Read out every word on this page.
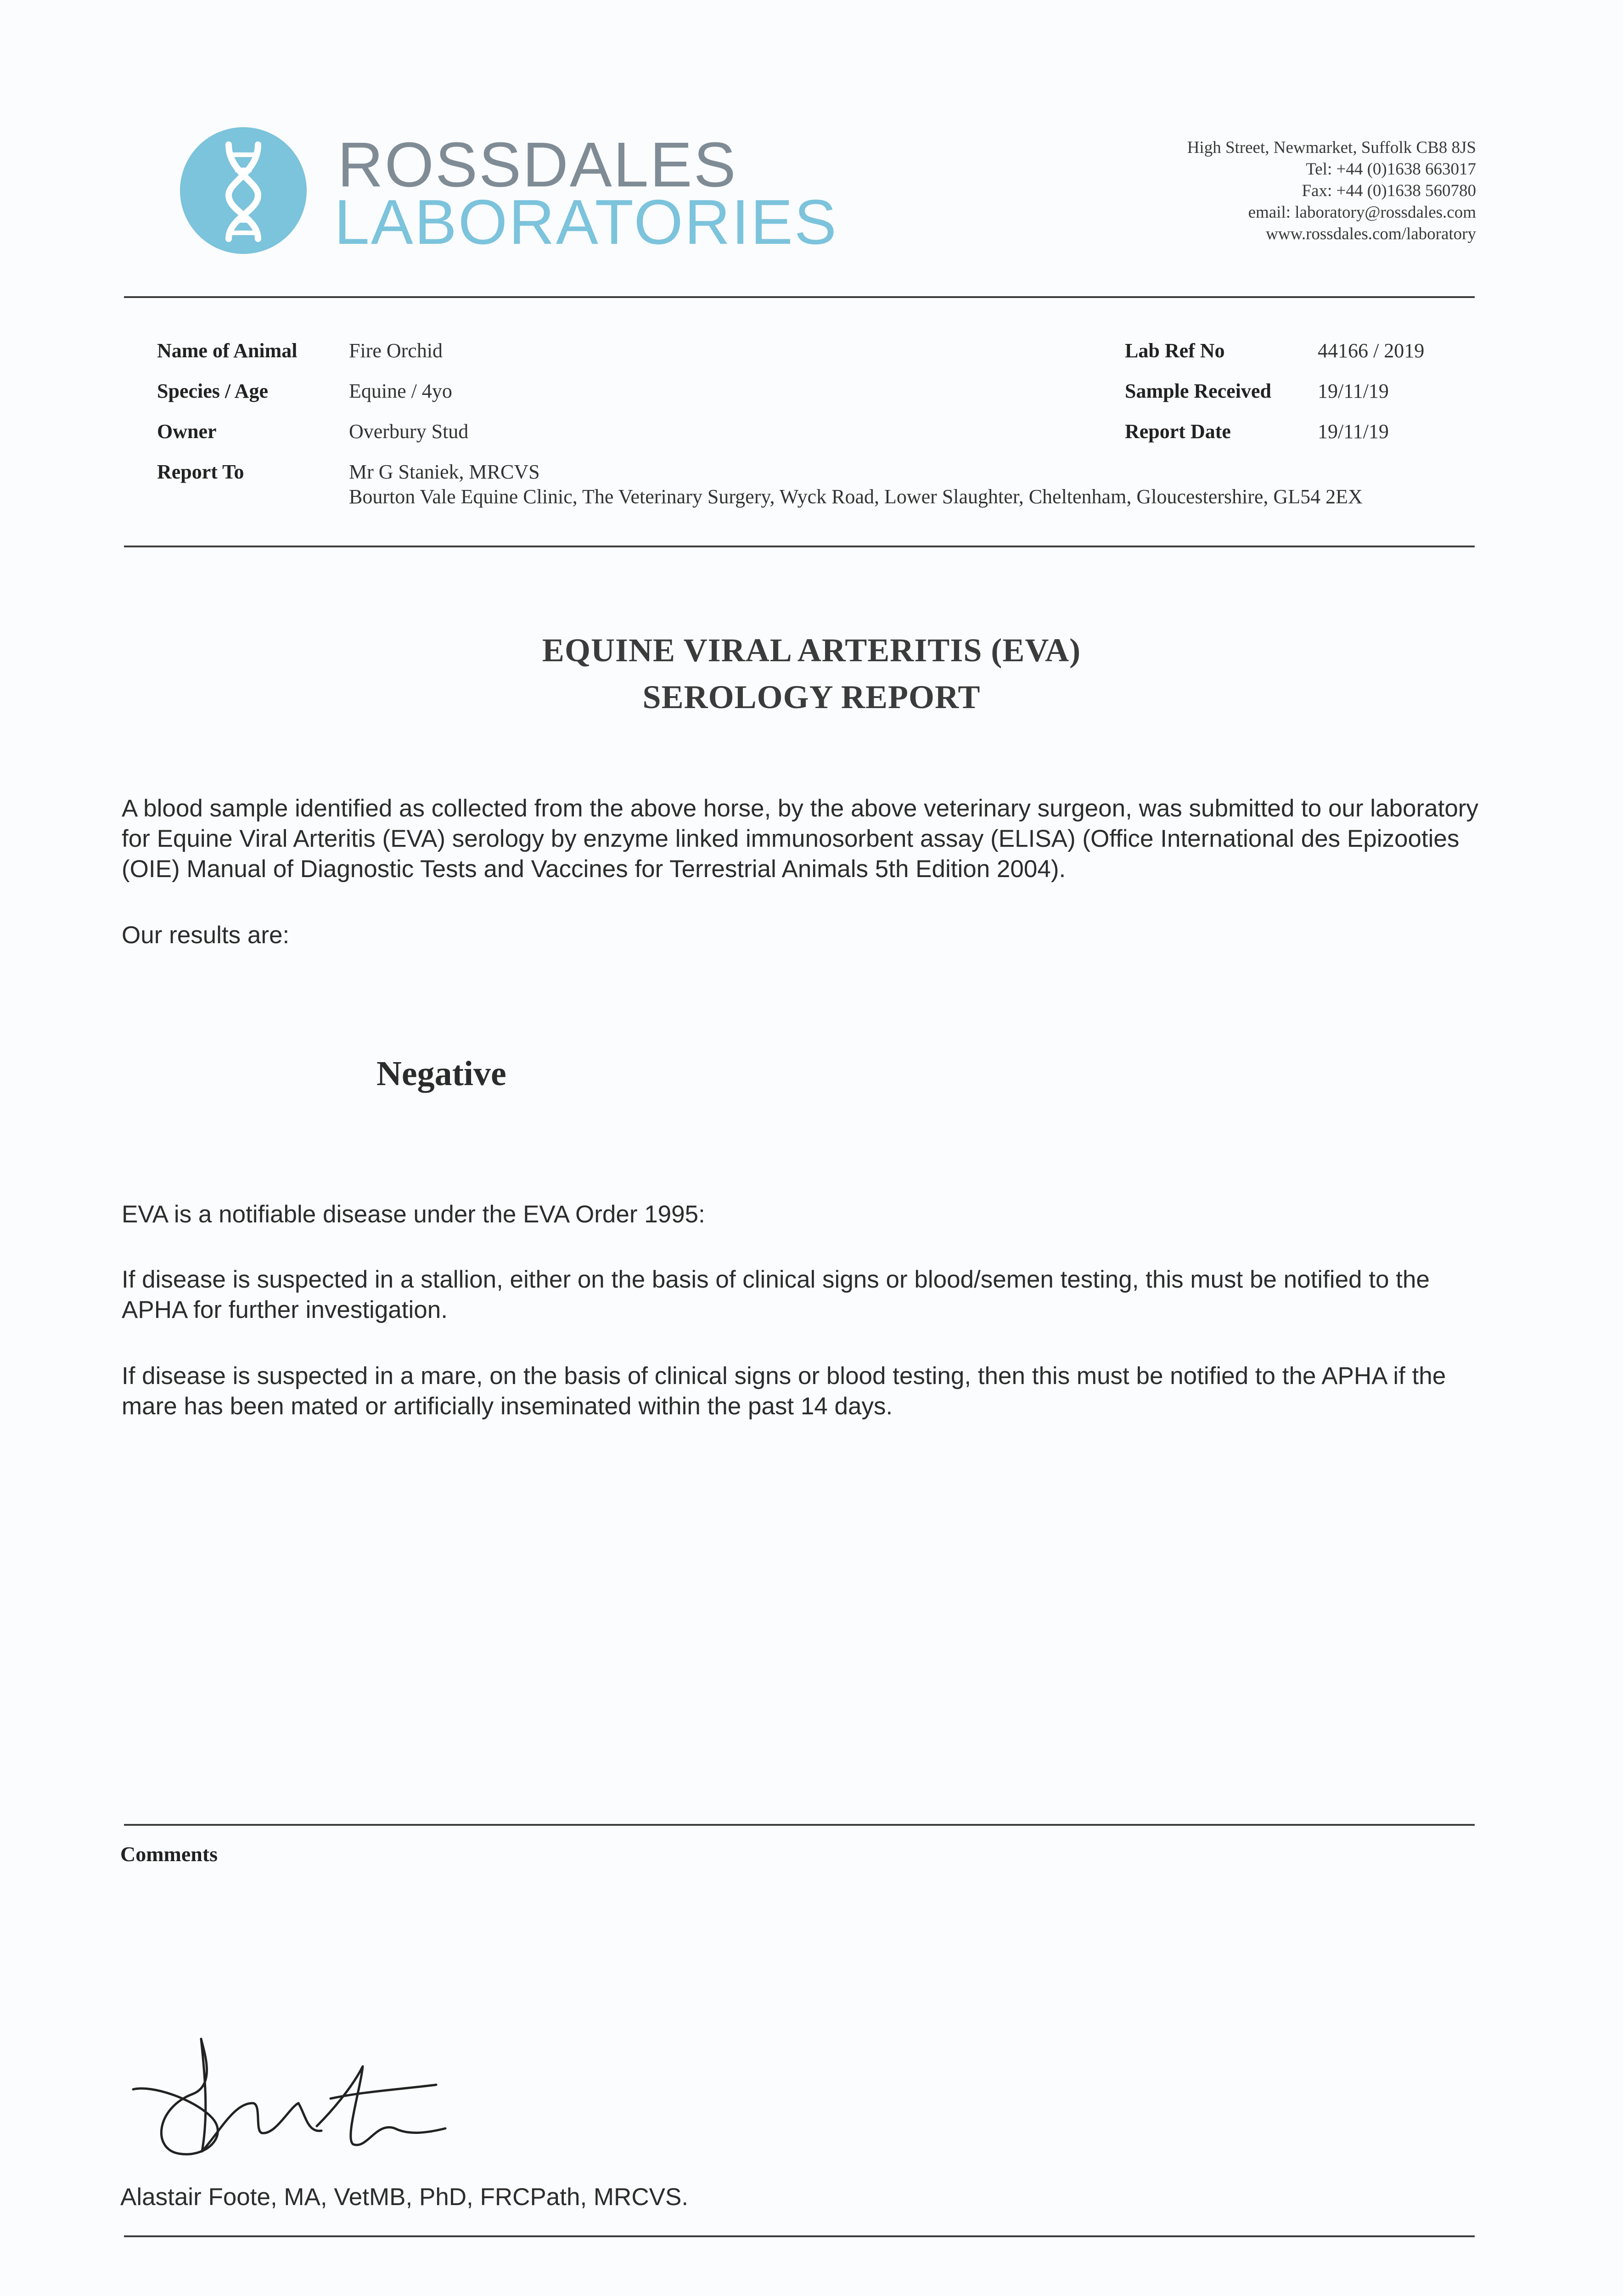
ROSSDALES
LABORATORIES
High Street, Newmarket, Suffolk CB8 8JS
Tel: +44 (0)1638 663017
Fax: +44 (0)1638 560780
email: laboratory@rossdales.com
www.rossdales.com/laboratory
Name of Animal	Fire Orchid
Species / Age	Equine / 4yo
Owner	Overbury Stud
Report To	Mr G Staniek, MRCVS
Bourton Vale Equine Clinic, The Veterinary Surgery, Wyck Road, Lower Slaughter, Cheltenham, Gloucestershire, GL54 2EX
Lab Ref No	44166 / 2019
Sample Received 19/11/19
Report Date	19/11/19
EQUINE VIRAL ARTERITIS (EVA)
SEROLOGY REPORT
A blood sample identified as collected from the above horse, by the above veterinary surgeon, was submitted to our laboratory for Equine Viral Arteritis (EVA) serology by enzyme linked immunosorbent assay (ELISA) (Office International des Epizooties (OIE) Manual of Diagnostic Tests and Vaccines for Terrestrial Animals 5th Edition 2004).
Our results are:
Negative
EVA is a notifiable disease under the EVA Order 1995:
If disease is suspected in a stallion, either on the basis of clinical signs or blood/semen testing, this must be notified to the APHA for further investigation.
If disease is suspected in a mare, on the basis of clinical signs or blood testing, then this must be notified to the APHA if the mare has been mated or artificially inseminated within the past 14 days.
Comments
Alastair Foote, MA, VetMB, PhD, FRCPath, MRCVS.
